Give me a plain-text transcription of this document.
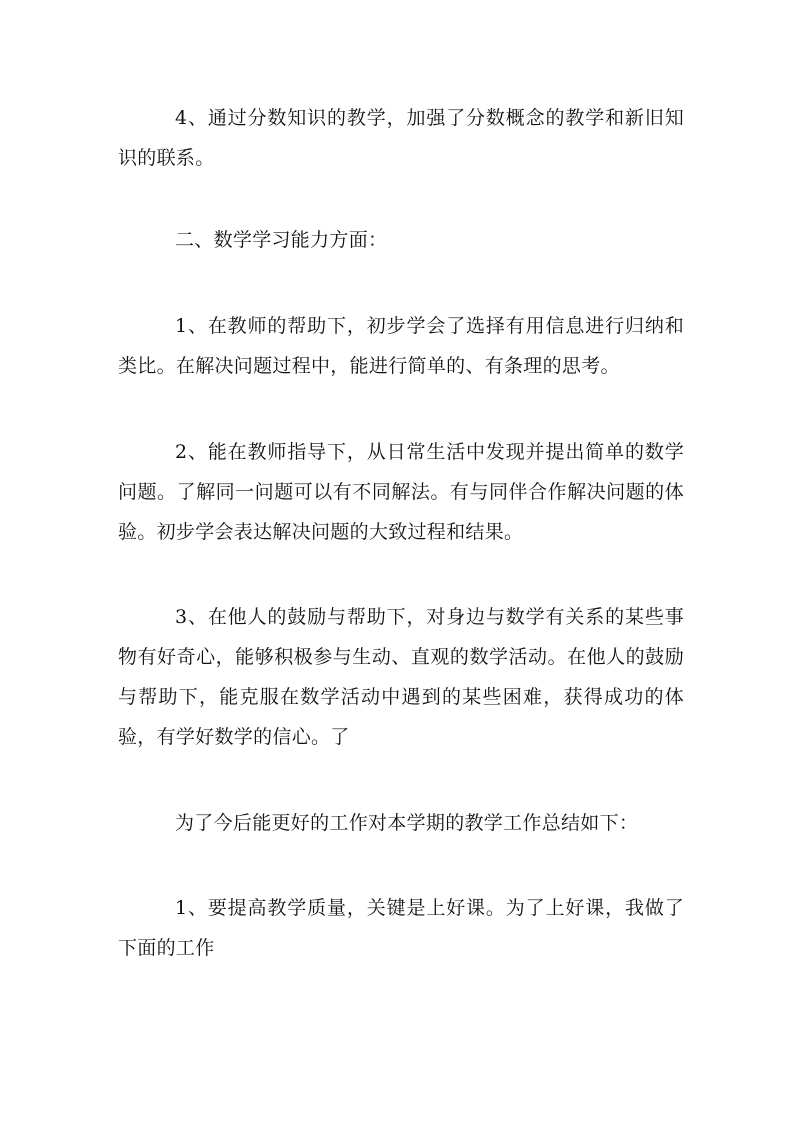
4、通过分数知识的教学，加强了分数概念的教学和新旧知识的联系。

二、数学学习能力方面：

1、在教师的帮助下，初步学会了选择有用信息进行归纳和类比。在解决问题过程中，能进行简单的、有条理的思考。

2、能在教师指导下，从日常生活中发现并提出简单的数学问题。了解同一问题可以有不同解法。有与同伴合作解决问题的体验。初步学会表达解决问题的大致过程和结果。

3、在他人的鼓励与帮助下，对身边与数学有关系的某些事物有好奇心，能够积极参与生动、直观的数学活动。在他人的鼓励与帮助下，能克服在数学活动中遇到的某些困难，获得成功的体验，有学好数学的信心。了

为了今后能更好的工作对本学期的教学工作总结如下：

1、要提高教学质量，关键是上好课。为了上好课，我做了下面的工作
